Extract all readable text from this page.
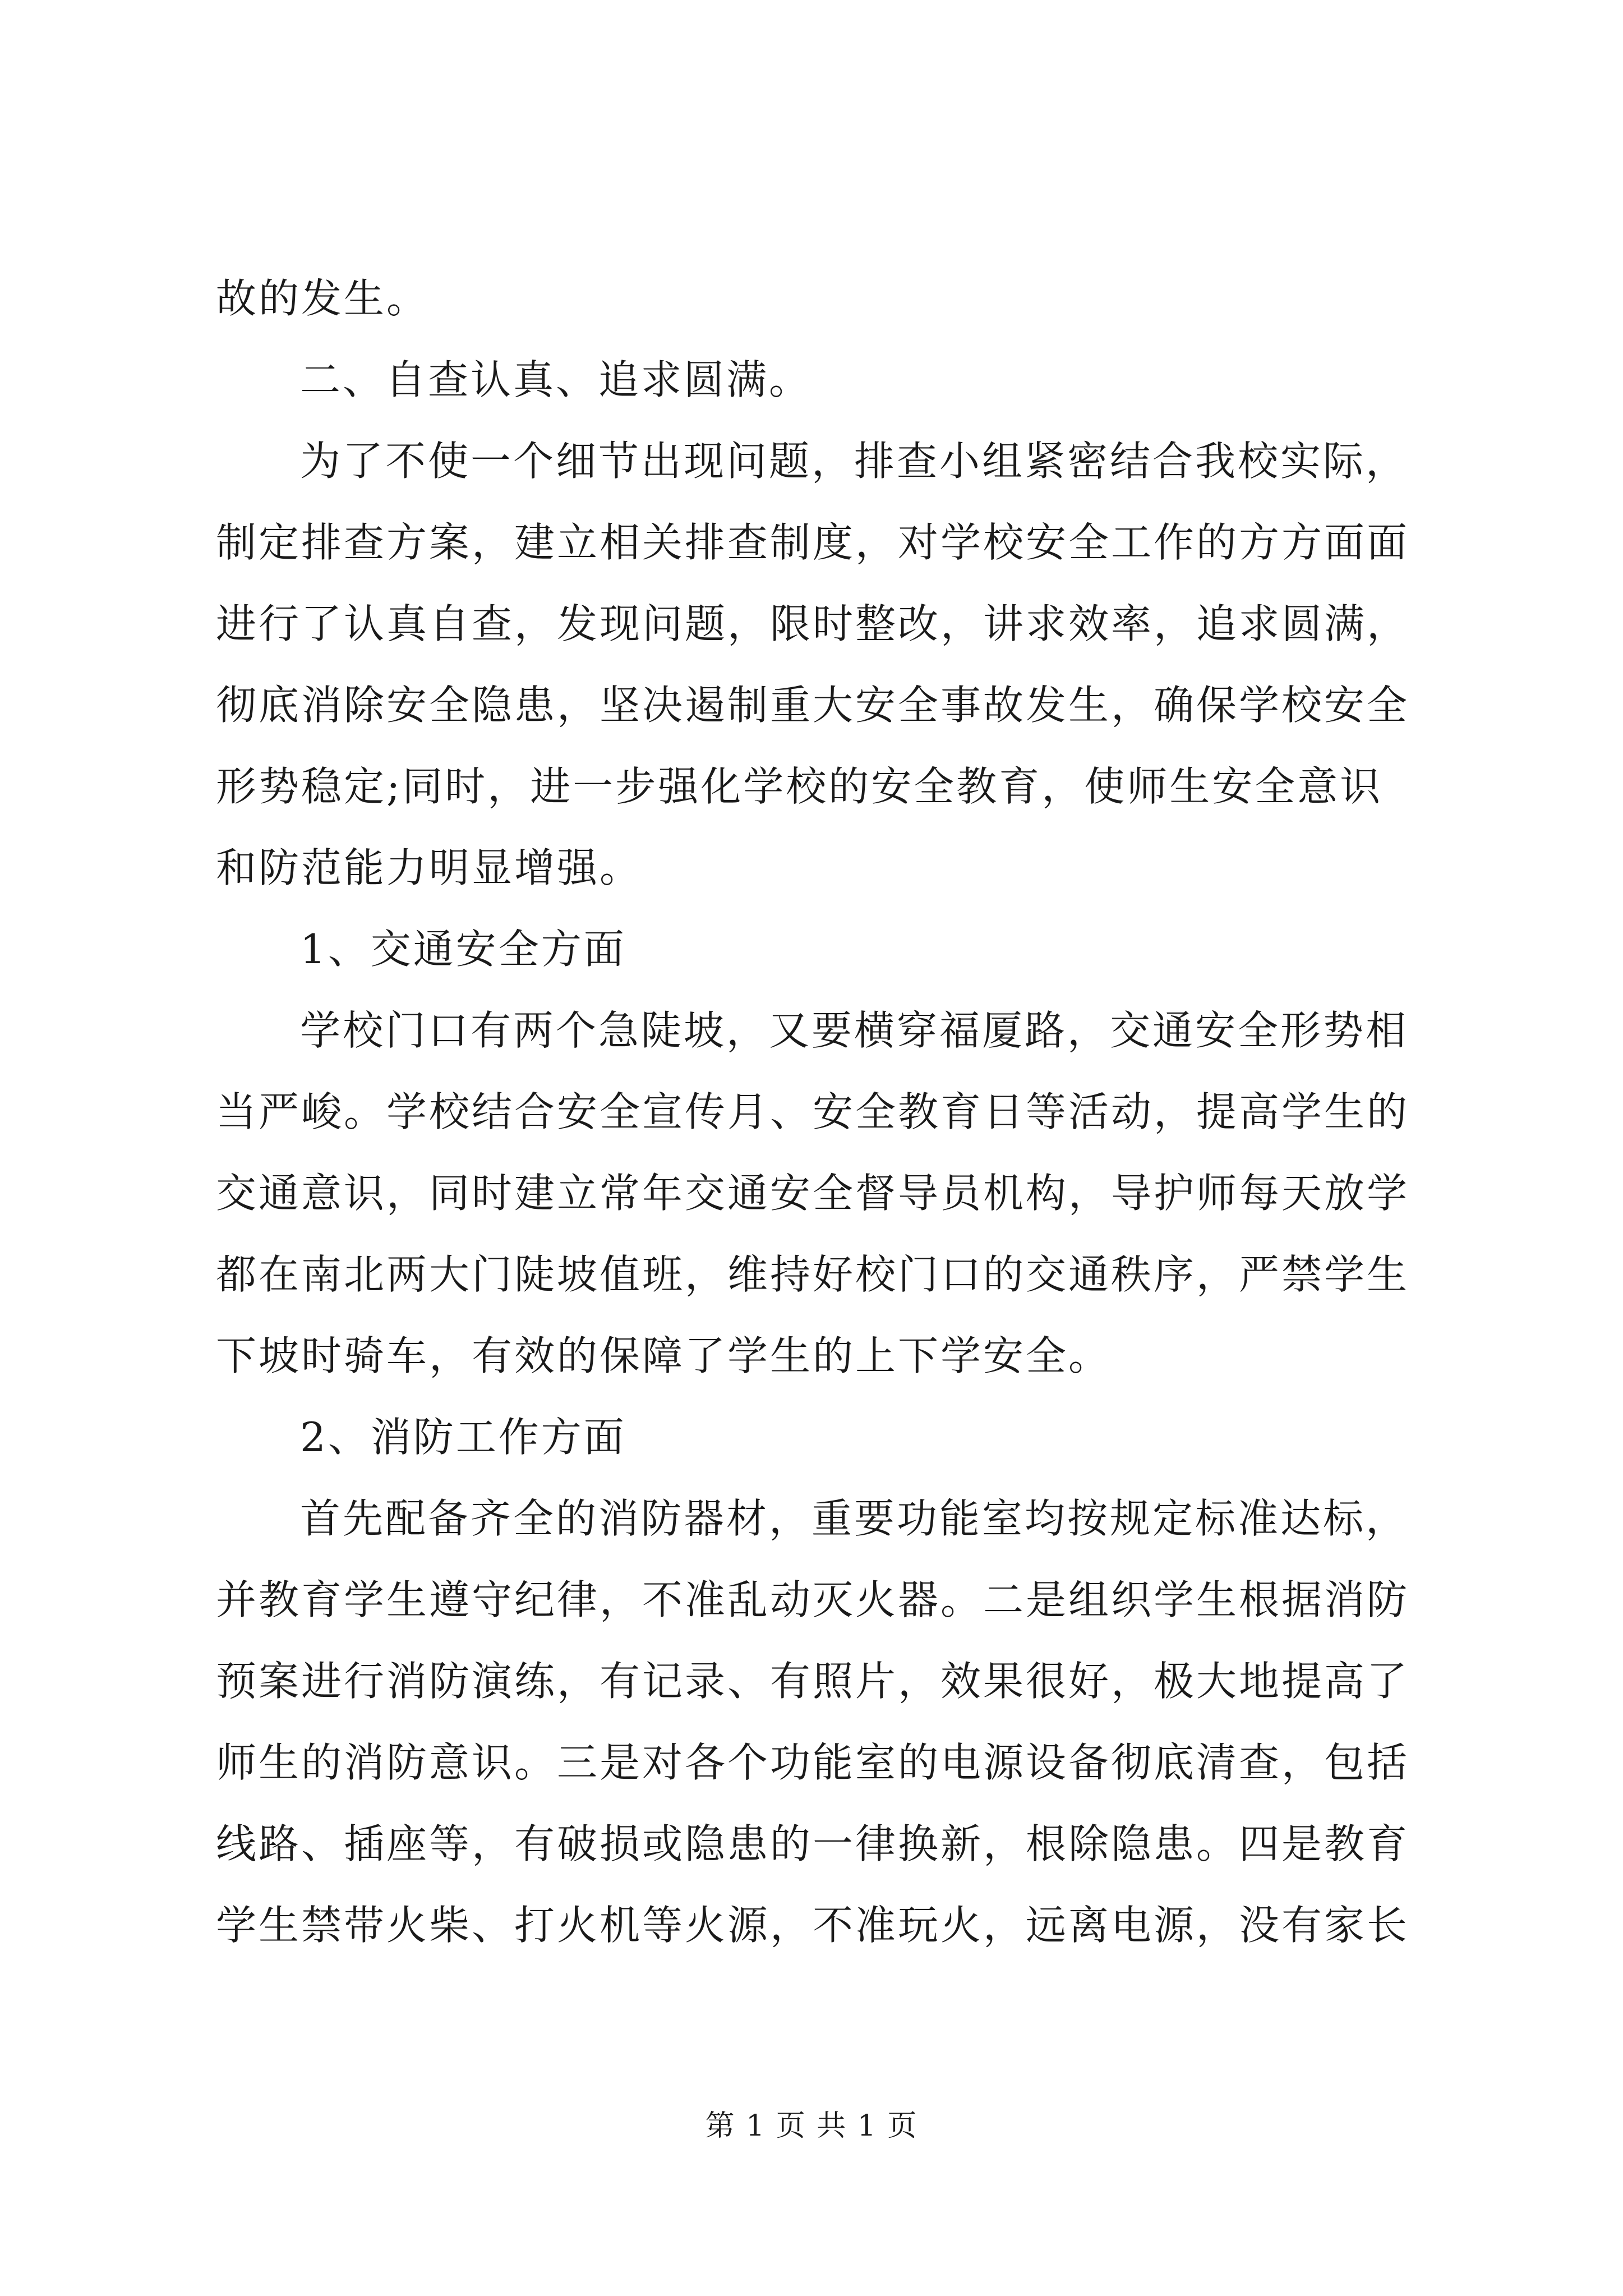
故的发生。
二、自查认真、追求圆满。
为了不使一个细节出现问题，排查小组紧密结合我校实际，
制定排查方案，建立相关排查制度，对学校安全工作的方方面面
进行了认真自查，发现问题，限时整改，讲求效率，追求圆满，
彻底消除安全隐患，坚决遏制重大安全事故发生，确保学校安全
形势稳定;同时，进一步强化学校的安全教育，使师生安全意识
和防范能力明显增强。
1、交通安全方面
学校门口有两个急陡坡，又要横穿福厦路，交通安全形势相
当严峻。学校结合安全宣传月、安全教育日等活动，提高学生的
交通意识，同时建立常年交通安全督导员机构，导护师每天放学
都在南北两大门陡坡值班，维持好校门口的交通秩序，严禁学生
下坡时骑车，有效的保障了学生的上下学安全。
2、消防工作方面
首先配备齐全的消防器材，重要功能室均按规定标准达标，
并教育学生遵守纪律，不准乱动灭火器。二是组织学生根据消防
预案进行消防演练，有记录、有照片，效果很好，极大地提高了
师生的消防意识。三是对各个功能室的电源设备彻底清查，包括
线路、插座等，有破损或隐患的一律换新，根除隐患。四是教育
学生禁带火柴、打火机等火源，不准玩火，远离电源，没有家长
第 1 页 共 1 页
